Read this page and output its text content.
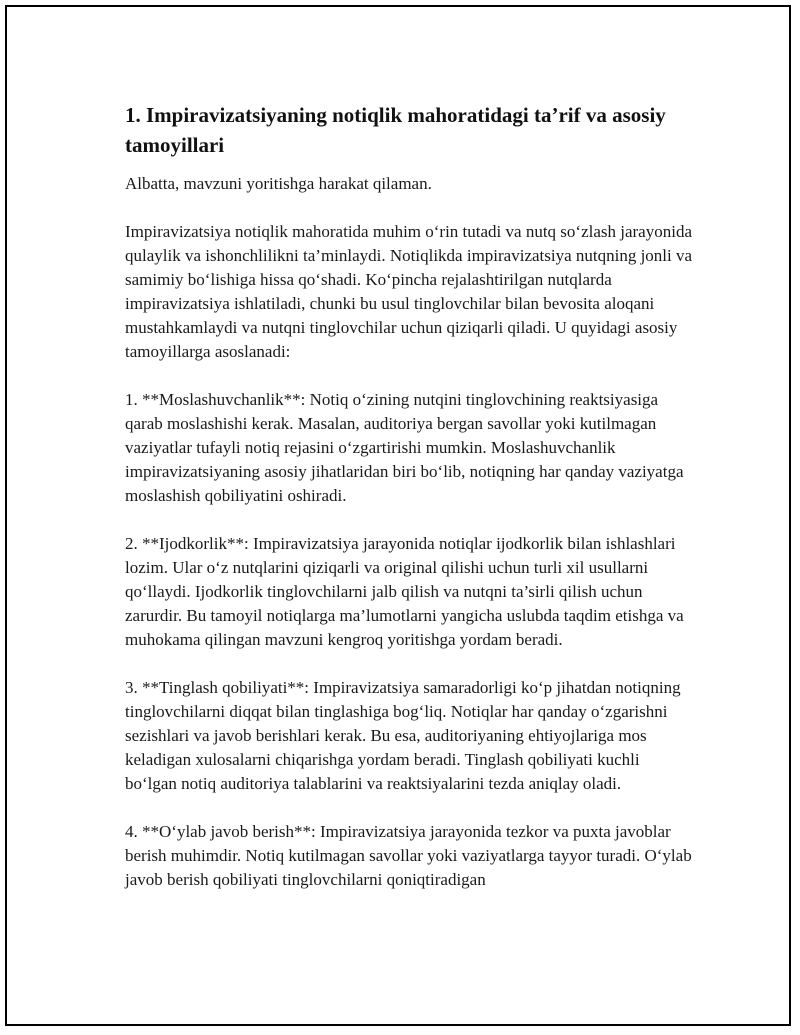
1. Impiravizatsiyaning notiqlik mahoratidagi ta’rif va asosiy tamoyillari

Albatta, mavzuni yoritishga harakat qilaman.

Impiravizatsiya notiqlik mahoratida muhim o‘rin tutadi va nutq so‘zlash jarayonida qulaylik va ishonchlilikni ta’minlaydi. Notiqlikda impiravizatsiya nutqning jonli va samimiy bo‘lishiga hissa qo‘shadi. Ko‘pincha rejalashtirilgan nutqlarda impiravizatsiya ishlatiladi, chunki bu usul tinglovchilar bilan bevosita aloqani mustahkamlaydi va nutqni tinglovchilar uchun qiziqarli qiladi. U quyidagi asosiy tamoyillarga asoslanadi:

1. **Moslashuvchanlik**: Notiq o‘zining nutqini tinglovchining reaktsiyasiga qarab moslashishi kerak. Masalan, auditoriya bergan savollar yoki kutilmagan vaziyatlar tufayli notiq rejasini o‘zgartirishi mumkin. Moslashuvchanlik impiravizatsiyaning asosiy jihatlaridan biri bo‘lib, notiqning har qanday vaziyatga moslashish qobiliyatini oshiradi.

2. **Ijodkorlik**: Impiravizatsiya jarayonida notiqlar ijodkorlik bilan ishlashlari lozim. Ular o‘z nutqlarini qiziqarli va original qilishi uchun turli xil usullarni qo‘llaydi. Ijodkorlik tinglovchilarni jalb qilish va nutqni ta’sirli qilish uchun zarurdir. Bu tamoyil notiqlarga ma’lumotlarni yangicha uslubda taqdim etishga va muhokama qilingan mavzuni kengroq yoritishga yordam beradi.

3. **Tinglash qobiliyati**: Impiravizatsiya samaradorligi ko‘p jihatdan notiqning tinglovchilarni diqqat bilan tinglashiga bog‘liq. Notiqlar har qanday o‘zgarishni sezishlari va javob berishlari kerak. Bu esa, auditoriyaning ehtiyojlariga mos keladigan xulosalarni chiqarishga yordam beradi. Tinglash qobiliyati kuchli bo‘lgan notiq auditoriya talablarini va reaktsiyalarini tezda aniqlay oladi.

4. **O‘ylab javob berish**: Impiravizatsiya jarayonida tezkor va puxta javoblar berish muhimdir. Notiq kutilmagan savollar yoki vaziyatlarga tayyor turadi. O‘ylab javob berish qobiliyati tinglovchilarni qoniqtiradigan
